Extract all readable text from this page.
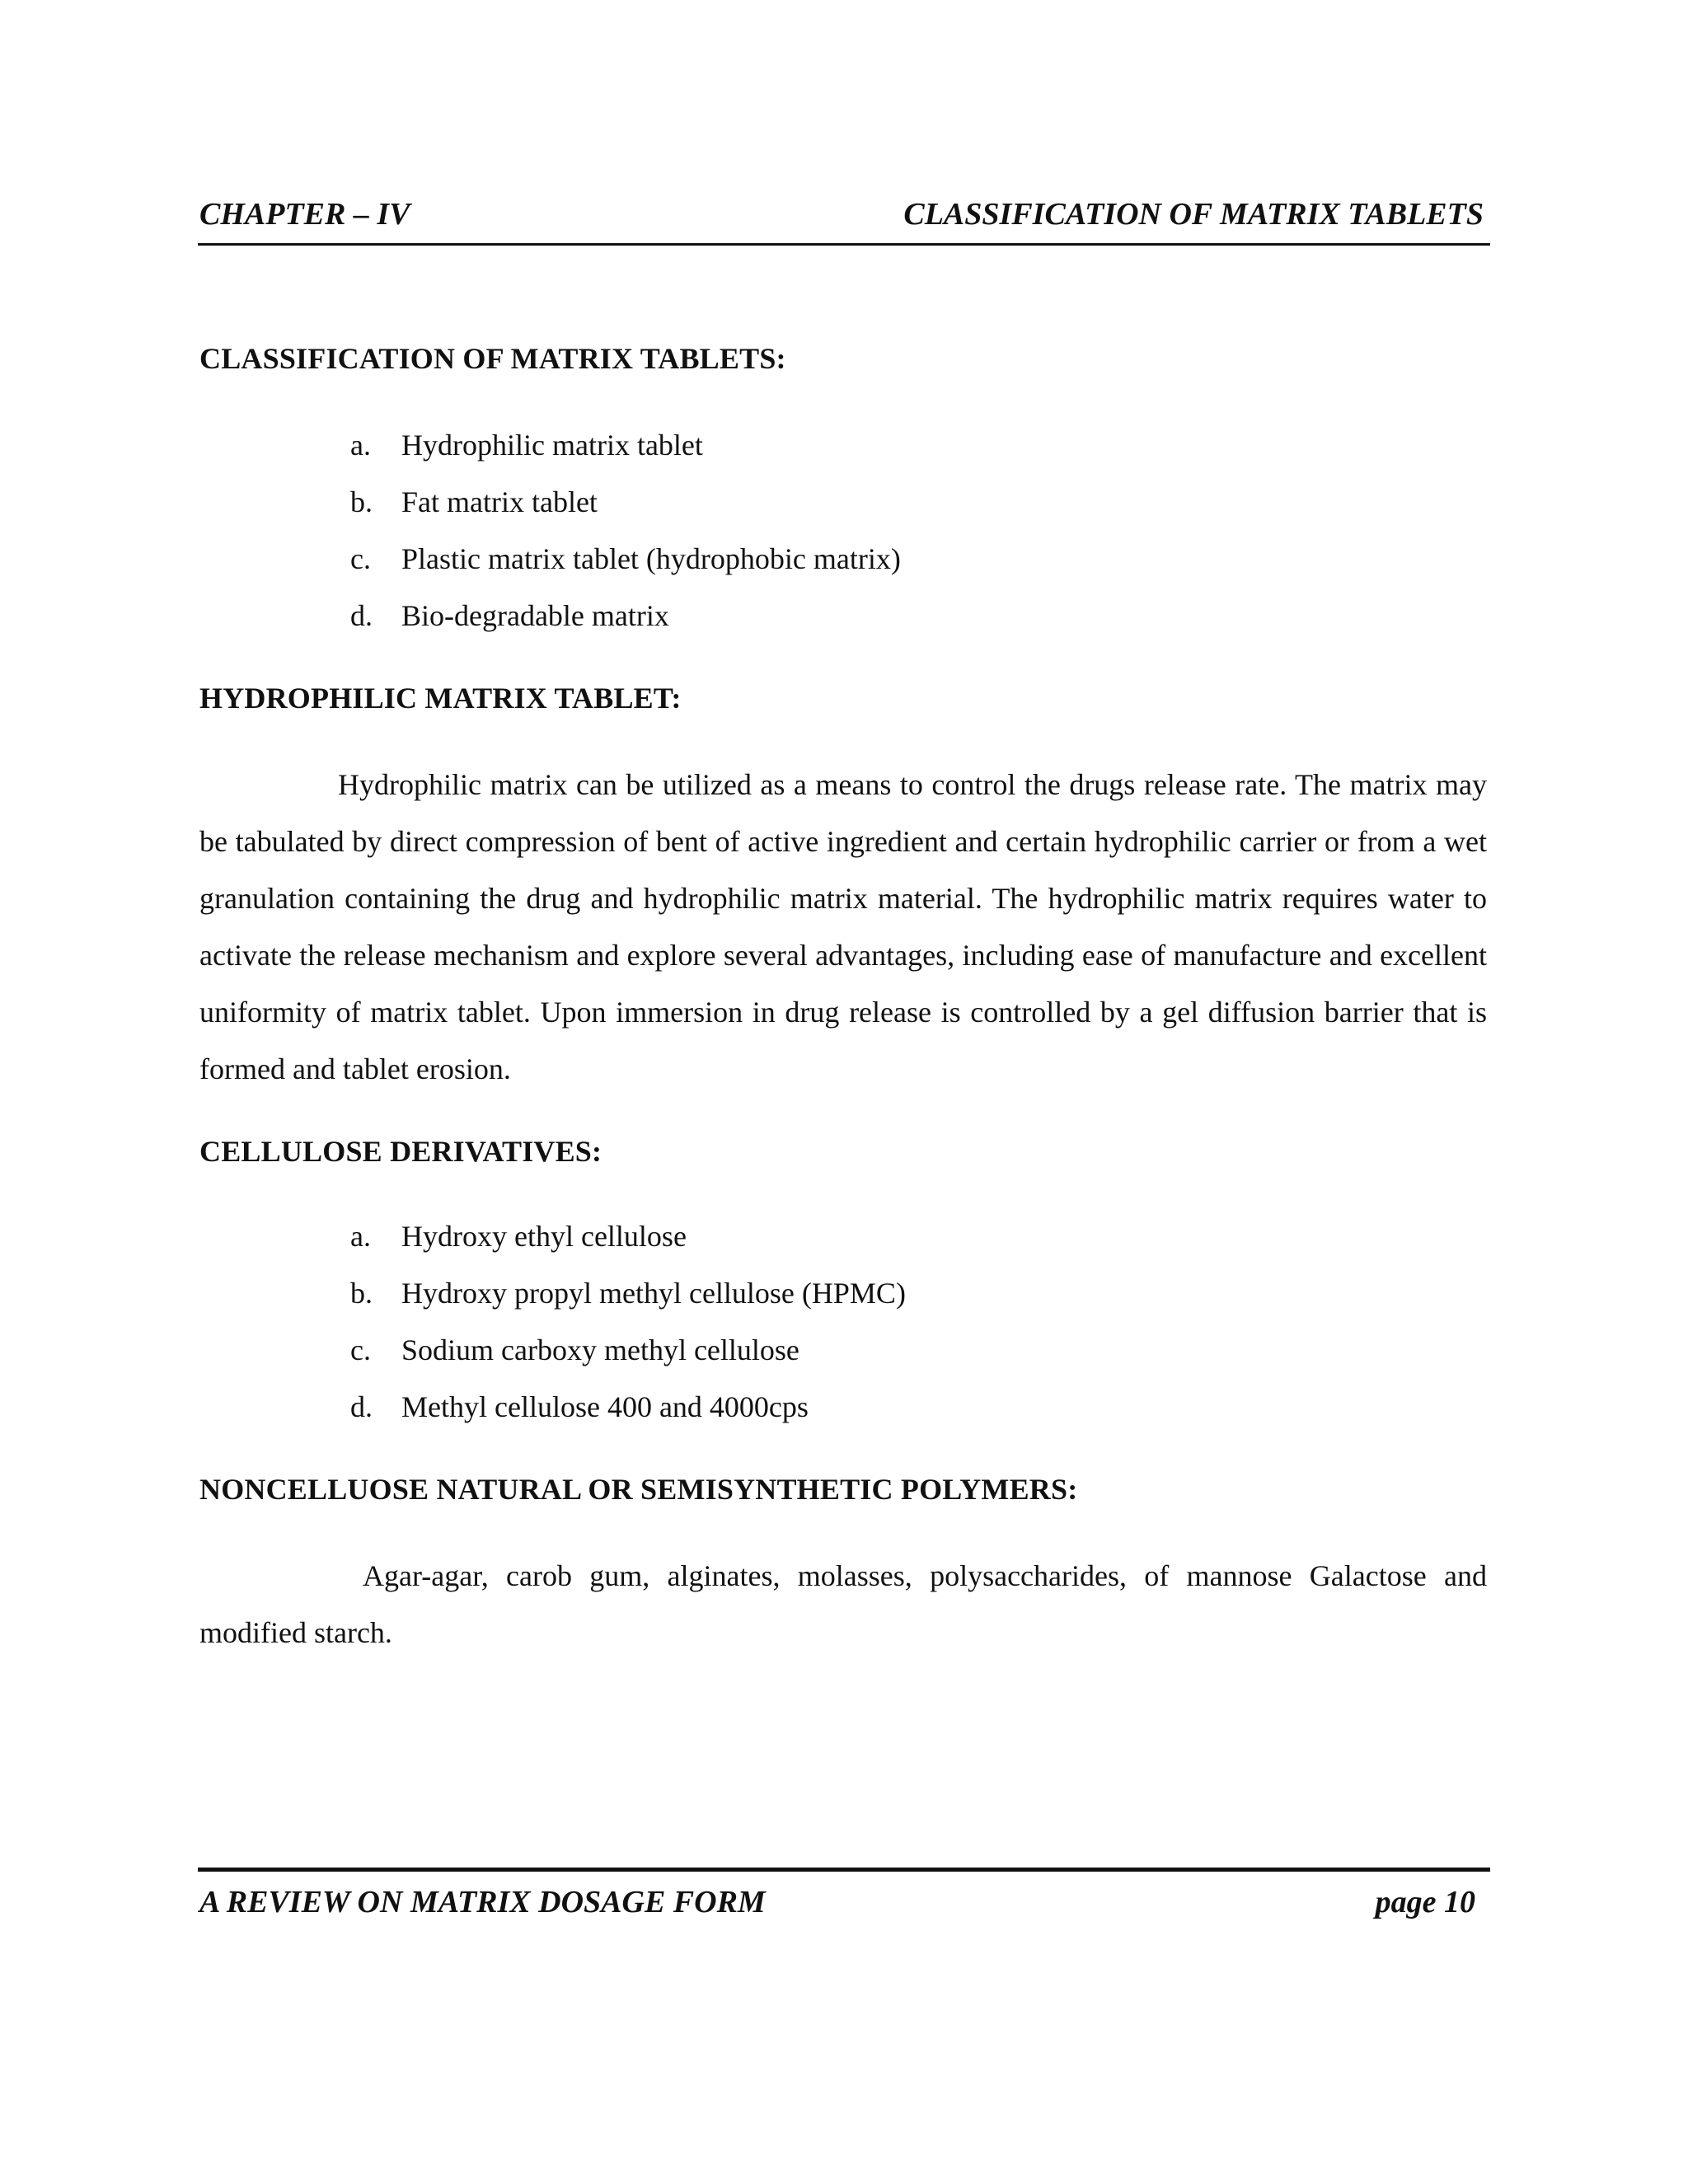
CHAPTER – IV	CLASSIFICATION OF MATRIX TABLETS
CLASSIFICATION OF MATRIX TABLETS:
a. Hydrophilic matrix tablet
b. Fat matrix tablet
c. Plastic matrix tablet (hydrophobic matrix)
d. Bio-degradable matrix
HYDROPHILIC MATRIX TABLET:

Hydrophilic matrix can be utilized as a means to control the drugs release rate. The matrix may be tabulated by direct compression of bent of active ingredient and certain hydrophilic carrier or from a wet granulation containing the drug and hydrophilic matrix material. The hydrophilic matrix requires water to activate the release mechanism and explore several advantages, including ease of manufacture and excellent uniformity of matrix tablet. Upon immersion in drug release is controlled by a gel diffusion barrier that is formed and tablet erosion.

CELLULOSE DERIVATIVES:
a. Hydroxy ethyl cellulose
b. Hydroxy propyl methyl cellulose (HPMC)
c. Sodium carboxy methyl cellulose
d. Methyl cellulose 400 and 4000cps
NONCELLUOSE NATURAL OR SEMISYNTHETIC POLYMERS:

Agar-agar, carob gum, alginates, molasses, polysaccharides, of mannose Galactose and modified starch.

A REVIEW ON MATRIX DOSAGE FORM	page 10
